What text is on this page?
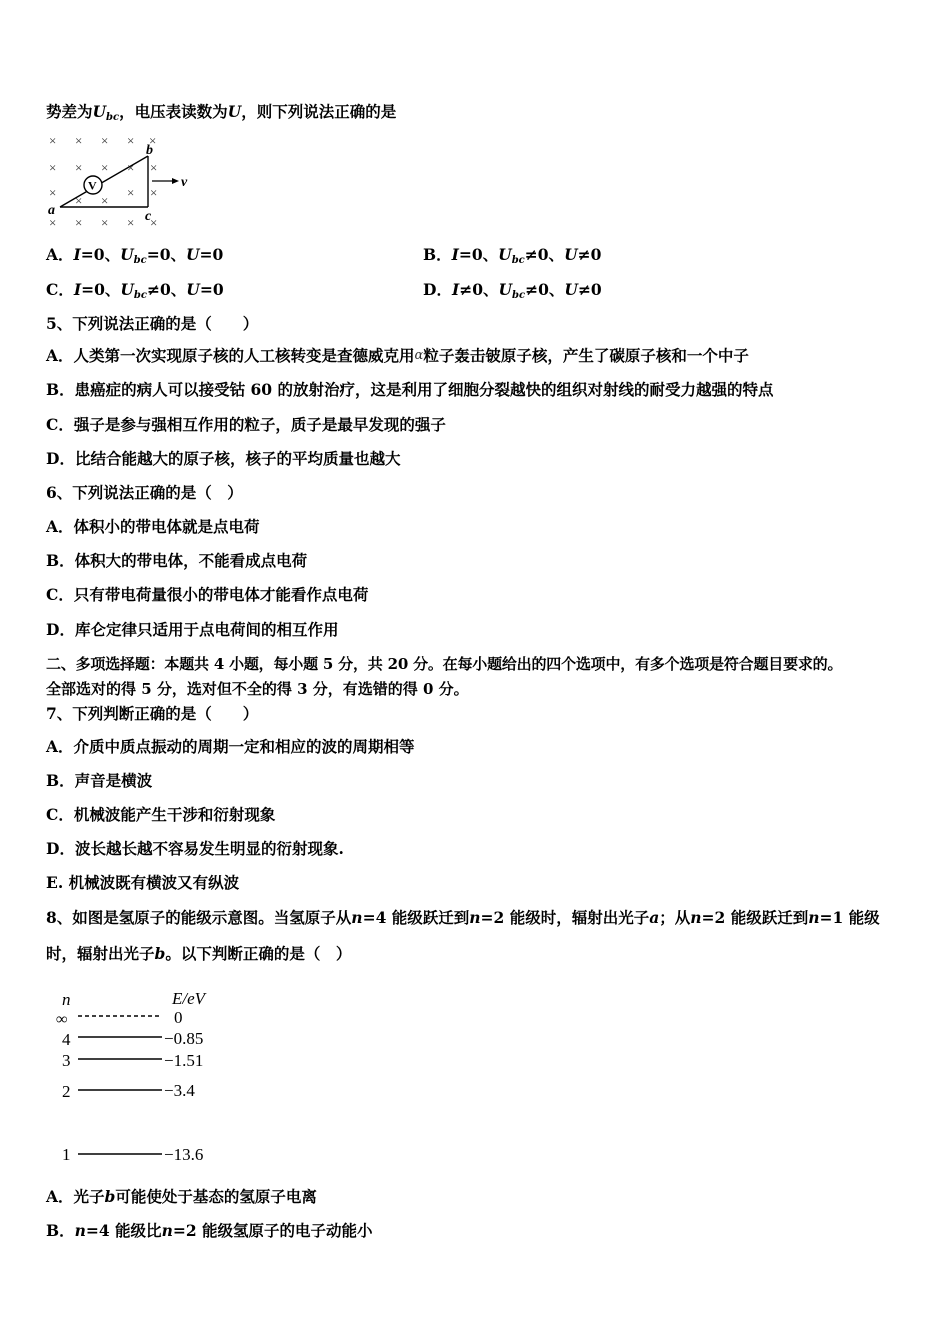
势差为$U_{bc}$，电压表读数为U，则下列说法正确的是
× × × × ×
× × × × ×
×	× ×
× ×
× × × × ×
V	v
a
b
c
A．I=0、$U_{bc}=0$、U=0	B．I=0、$U_{bc}\ne 0$、U≠0
C．I=0、$U_{bc}\ne 0$、U=0	D．I≠0、$U_{bc}\ne 0$、U≠0
5、下列说法正确的是（　　）
A．人类第一次实现原子核的人工核转变是查德威克用α粒子轰击铍原子核，产生了碳原子核和一个中子
B．患癌症的病人可以接受钴 60 的放射治疗，这是利用了细胞分裂越快的组织对射线的耐受力越强的特点
C．强子是参与强相互作用的粒子，质子是最早发现的强子
D．比结合能越大的原子核，核子的平均质量也越大
6、下列说法正确的是（　）
A．体积小的带电体就是点电荷
B．体积大的带电体，不能看成点电荷
C．只有带电荷量很小的带电体才能看作点电荷
D．库仑定律只适用于点电荷间的相互作用
二、多项选择题：本题共 4 小题，每小题 5 分，共 20 分。在每小题给出的四个选项中，有多个选项是符合题目要求的。
全部选对的得 5 分，选对但不全的得 3 分，有选错的得 0 分。
7、下列判断正确的是（　　）
A．介质中质点振动的周期一定和相应的波的周期相等
B．声音是横波
C．机械波能产生干涉和衍射现象
D．波长越长越不容易发生明显的衍射现象.
E. 机械波既有横波又有纵波
8、如图是氢原子的能级示意图。当氢原子从n=4 能级跃迁到n=2 能级时，辐射出光子a；从n=2 能级跃迁到n=1 能级
时，辐射出光子b。以下判断正确的是（　）
n	E/eV
∞	0
4	−0.85
3	−1.51
2	−3.4
1	−13.6
A．光子b可能使处于基态的氢原子电离
B．n=4 能级比n=2 能级氢原子的电子动能小
